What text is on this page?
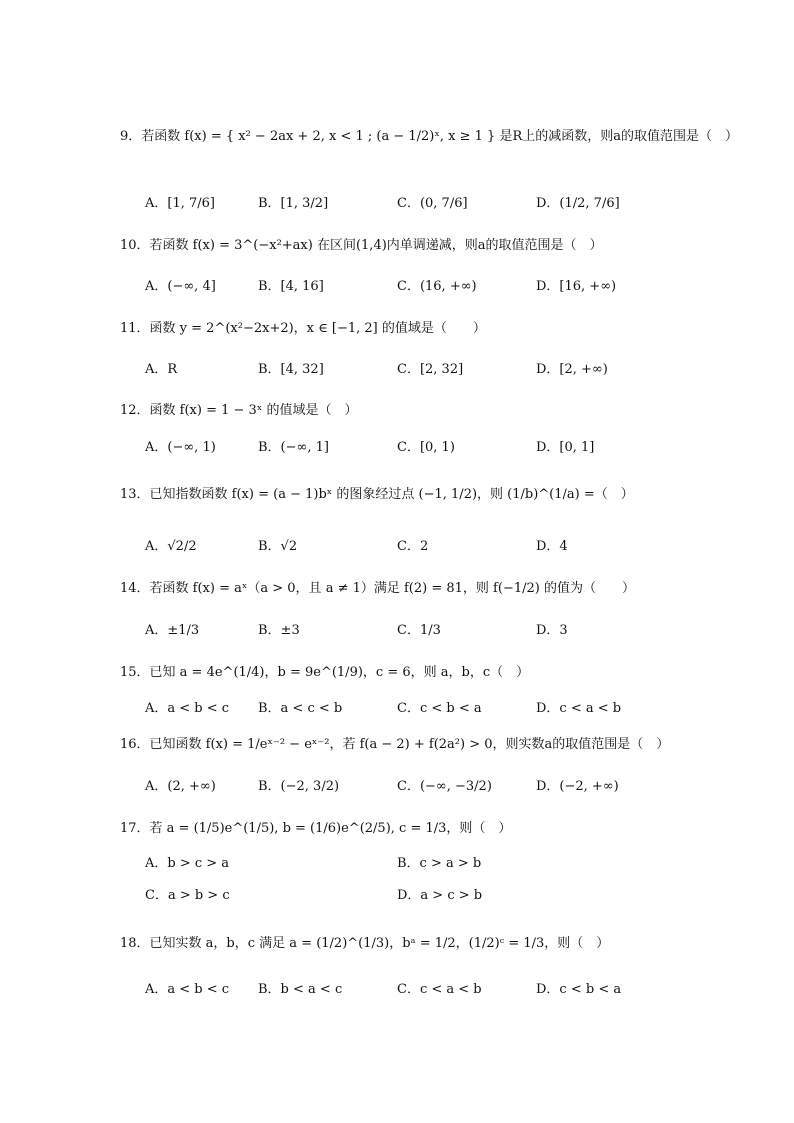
9．若函数 f(x) = { x² − 2ax + 2, x < 1 ; (a − 1/2)ˣ, x ≥ 1 } 是R上的减函数，则a的取值范围是（　）
A．[1, 7/6]	B．[1, 3/2]	C．(0, 7/6]	D．(1/2, 7/6]
10．若函数 f(x) = 3^(−x²+ax) 在区间(1,4)内单调递减，则a的取值范围是（　）
A．(−∞, 4]	B．[4, 16]	C．(16, +∞)	D．[16, +∞)
11．函数 y = 2^(x²−2x+2)，x ∈ [−1, 2] 的值域是（　　）
A．R	B．[4, 32]	C．[2, 32]	D．[2, +∞)
12．函数 f(x) = 1 − 3ˣ 的值域是（　）
A．(−∞, 1)	B．(−∞, 1]	C．[0, 1)	D．[0, 1]
13．已知指数函数 f(x) = (a − 1)bˣ 的图象经过点 (−1, 1/2)，则 (1/b)^(1/a) =（　）
A．√2/2	B．√2	C．2	D．4
14．若函数 f(x) = aˣ（a > 0，且 a ≠ 1）满足 f(2) = 81，则 f(−1/2) 的值为（　　）
A．±1/3	B．±3	C．1/3	D．3
15．已知 a = 4e^(1/4)，b = 9e^(1/9)，c = 6，则 a，b，c（　）
A．a < b < c B．a < c < b	C．c < b < a	D．c < a < b
16．已知函数 f(x) = 1/eˣ⁻² − eˣ⁻²，若 f(a − 2) + f(2a²) > 0，则实数a的取值范围是（　）
A．(2, +∞)	B．(−2, 3/2)	C．(−∞, −3/2)	D．(−2, +∞)
17．若 a = (1/5)e^(1/5), b = (1/6)e^(2/5), c = 1/3，则（　）
A．b > c > a	B．c > a > b
C．a > b > c	D．a > c > b
18．已知实数 a，b，c 满足 a = (1/2)^(1/3)，bᵃ = 1/2，(1/2)ᶜ = 1/3，则（　）
A．a < b < c B．b < a < c	C．c < a < b	D．c < b < a
